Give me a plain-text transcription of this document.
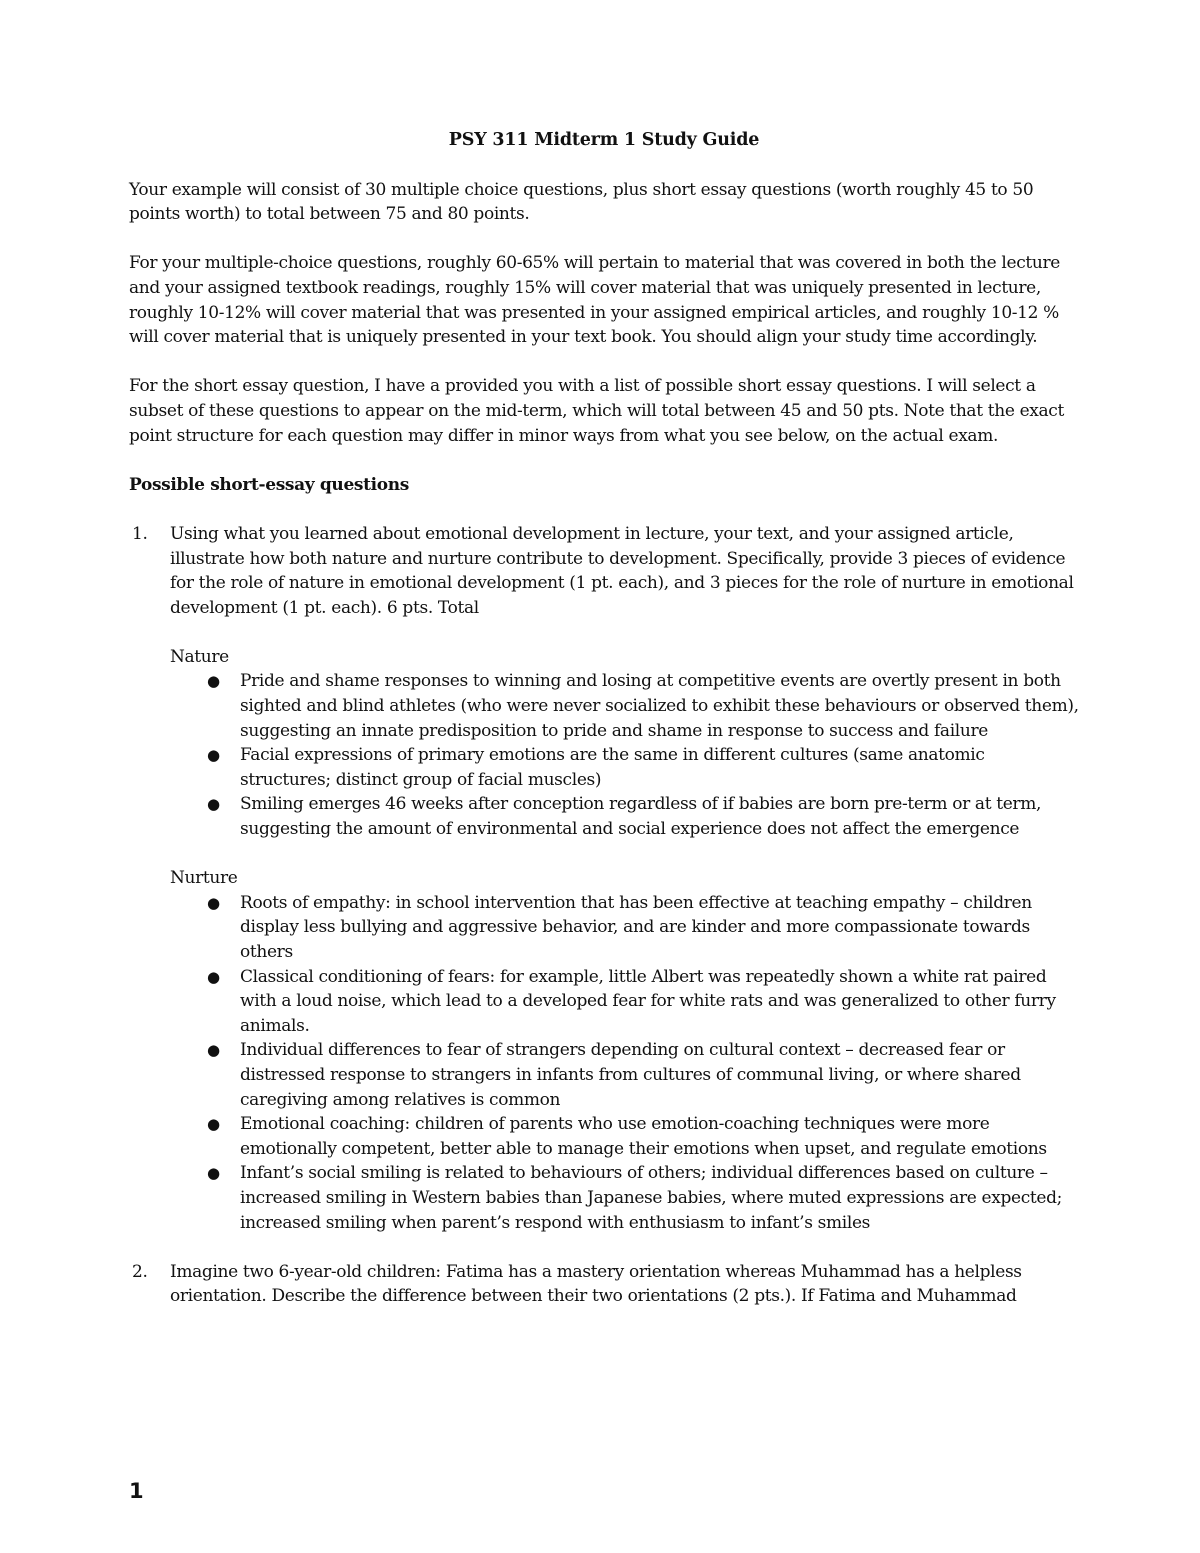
PSY 311 Midterm 1 Study Guide

Your example will consist of 30 multiple choice questions, plus short essay questions (worth roughly 45 to 50 points worth) to total between 75 and 80 points.

For your multiple-choice questions, roughly 60-65% will pertain to material that was covered in both the lecture and your assigned textbook readings, roughly 15% will cover material that was uniquely presented in lecture, roughly 10-12% will cover material that was presented in your assigned empirical articles, and roughly 10-12 % will cover material that is uniquely presented in your text book. You should align your study time accordingly.

For the short essay question, I have a provided you with a list of possible short essay questions. I will select a subset of these questions to appear on the mid-term, which will total between 45 and 50 pts. Note that the exact point structure for each question may differ in minor ways from what you see below, on the actual exam.

Possible short-essay questions
1. Using what you learned about emotional development in lecture, your text, and your assigned article, illustrate how both nature and nurture contribute to development. Specifically, provide 3 pieces of evidence for the role of nature in emotional development (1 pt. each), and 3 pieces for the role of nurture in emotional development (1 pt. each). 6 pts. Total
Nature
● Pride and shame responses to winning and losing at competitive events are overtly present in both sighted and blind athletes (who were never socialized to exhibit these behaviours or observed them), suggesting an innate predisposition to pride and shame in response to success and failure
● Facial expressions of primary emotions are the same in different cultures (same anatomic structures; distinct group of facial muscles)
● Smiling emerges 46 weeks after conception regardless of if babies are born pre-term or at term, suggesting the amount of environmental and social experience does not affect the emergence
Nurture
● Roots of empathy: in school intervention that has been effective at teaching empathy – children display less bullying and aggressive behavior, and are kinder and more compassionate towards others
● Classical conditioning of fears: for example, little Albert was repeatedly shown a white rat paired with a loud noise, which lead to a developed fear for white rats and was generalized to other furry animals.
● Individual differences to fear of strangers depending on cultural context – decreased fear or distressed response to strangers in infants from cultures of communal living, or where shared caregiving among relatives is common
● Emotional coaching: children of parents who use emotion-coaching techniques were more emotionally competent, better able to manage their emotions when upset, and regulate emotions
● Infant’s social smiling is related to behaviours of others; individual differences based on culture – increased smiling in Western babies than Japanese babies, where muted expressions are expected; increased smiling when parent’s respond with enthusiasm to infant’s smiles
2. Imagine two 6-year-old children: Fatima has a mastery orientation whereas Muhammad has a helpless orientation. Describe the difference between their two orientations (2 pts.). If Fatima and Muhammad
1
